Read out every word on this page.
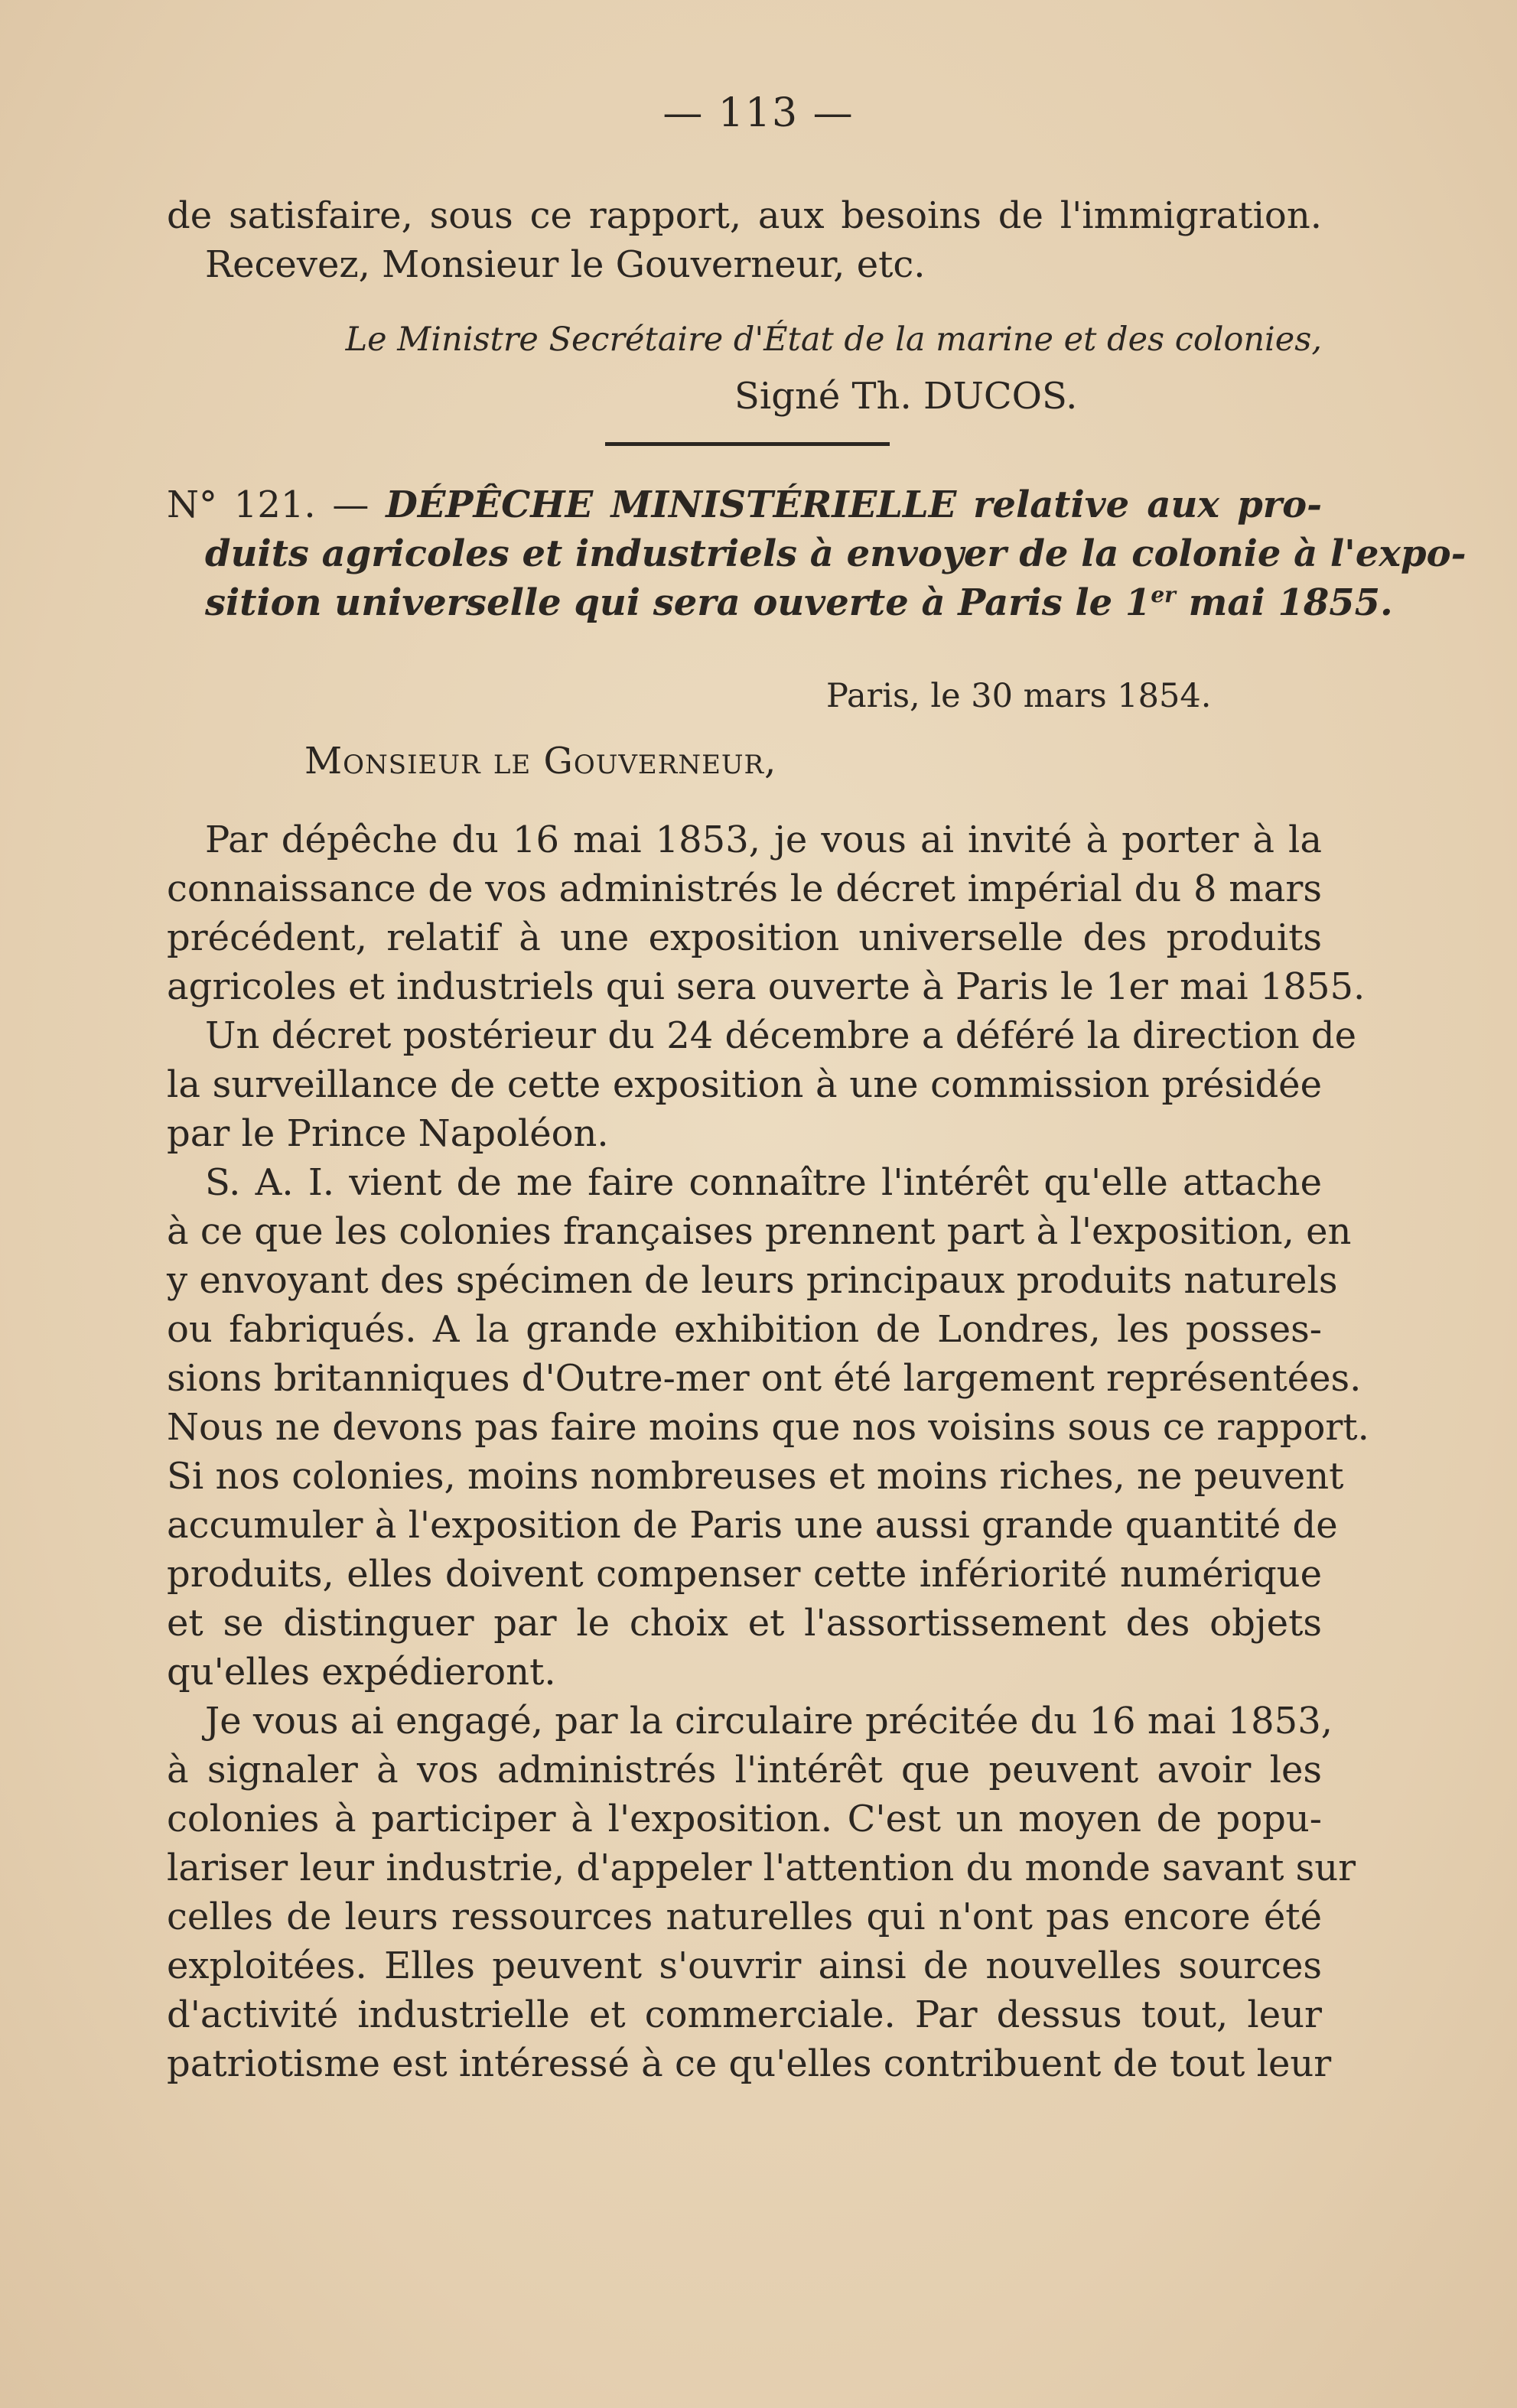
— 113 —
de satisfaire, sous ce rapport, aux besoins de l'immigration.
Recevez, Monsieur le Gouverneur, etc.
Le Ministre Secrétaire d'État de la marine et des colonies,
Signé Th. DUCOS.
N° 121. — DÉPÊCHE MINISTÉRIELLE relative aux pro-
duits agricoles et industriels à envoyer de la colonie à l'expo-
sition universelle qui sera ouverte à Paris le 1er mai 1855.
Paris, le 30 mars 1854.
Monsieur le Gouverneur,
Par dépêche du 16 mai 1853, je vous ai invité à porter à la
connaissance de vos administrés le décret impérial du 8 mars
précédent, relatif à une exposition universelle des produits
agricoles et industriels qui sera ouverte à Paris le 1er mai 1855.
Un décret postérieur du 24 décembre a déféré la direction de
la surveillance de cette exposition à une commission présidée
par le Prince Napoléon.
S. A. I. vient de me faire connaître l'intérêt qu'elle attache
à ce que les colonies françaises prennent part à l'exposition, en
y envoyant des spécimen de leurs principaux produits naturels
ou fabriqués. A la grande exhibition de Londres, les posses-
sions britanniques d'Outre-mer ont été largement représentées.
Nous ne devons pas faire moins que nos voisins sous ce rapport.
Si nos colonies, moins nombreuses et moins riches, ne peuvent
accumuler à l'exposition de Paris une aussi grande quantité de
produits, elles doivent compenser cette infériorité numérique
et se distinguer par le choix et l'assortissement des objets
qu'elles expédieront.
Je vous ai engagé, par la circulaire précitée du 16 mai 1853,
à signaler à vos administrés l'intérêt que peuvent avoir les
colonies à participer à l'exposition. C'est un moyen de popu-
lariser leur industrie, d'appeler l'attention du monde savant sur
celles de leurs ressources naturelles qui n'ont pas encore été
exploitées. Elles peuvent s'ouvrir ainsi de nouvelles sources
d'activité industrielle et commerciale. Par dessus tout, leur
patriotisme est intéressé à ce qu'elles contribuent de tout leur
